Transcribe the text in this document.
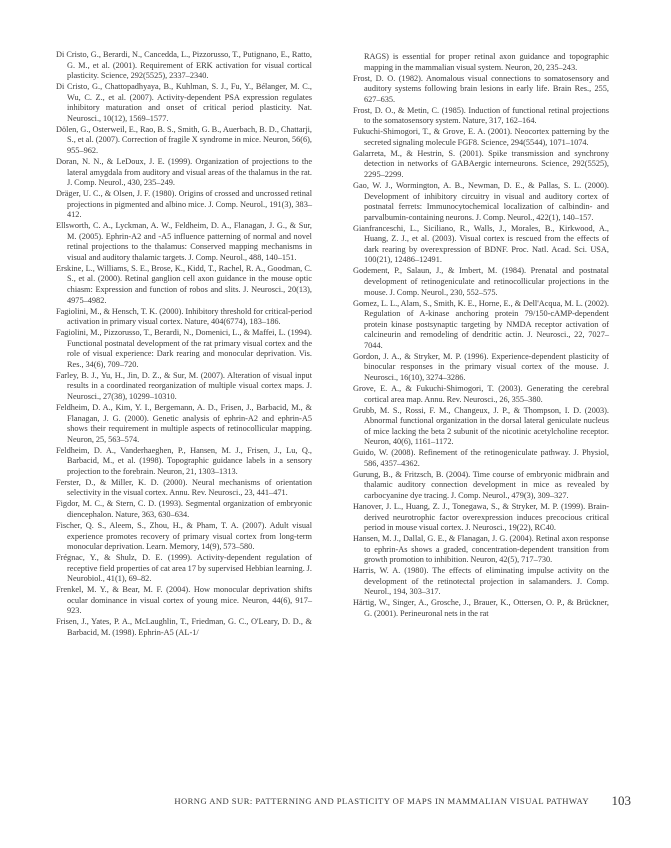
Di Cristo, G., Berardi, N., Cancedda, L., Pizzorusso, T., Putignano, E., Ratto, G. M., et al. (2001). Requirement of ERK activation for visual cortical plasticity. Science, 292(5525), 2337–2340.

Di Cristo, G., Chattopadhyaya, B., Kuhlman, S. J., Fu, Y., Bélanger, M. C., Wu, C. Z., et al. (2007). Activity-dependent PSA expression regulates inhibitory maturation and onset of critical period plasticity. Nat. Neurosci., 10(12), 1569–1577.

Dölen, G., Osterweil, E., Rao, B. S., Smith, G. B., Auerbach, B. D., Chattarji, S., et al. (2007). Correction of fragile X syndrome in mice. Neuron, 56(6), 955–962.

Doran, N. N., & LeDoux, J. E. (1999). Organization of projections to the lateral amygdala from auditory and visual areas of the thalamus in the rat. J. Comp. Neurol., 430, 235–249.

Dräger, U. C., & Olsen, J. F. (1980). Origins of crossed and uncrossed retinal projections in pigmented and albino mice. J. Comp. Neurol., 191(3), 383–412.

Ellsworth, C. A., Lyckman, A. W., Feldheim, D. A., Flanagan, J. G., & Sur, M. (2005). Ephrin-A2 and -A5 influence patterning of normal and novel retinal projections to the thalamus: Conserved mapping mechanisms in visual and auditory thalamic targets. J. Comp. Neurol., 488, 140–151.

Erskine, L., Williams, S. E., Brose, K., Kidd, T., Rachel, R. A., Goodman, C. S., et al. (2000). Retinal ganglion cell axon guidance in the mouse optic chiasm: Expression and function of robos and slits. J. Neurosci., 20(13), 4975–4982.

Fagiolini, M., & Hensch, T. K. (2000). Inhibitory threshold for critical-period activation in primary visual cortex. Nature, 404(6774), 183–186.

Fagiolini, M., Pizzorusso, T., Berardi, N., Domenici, L., & Maffei, L. (1994). Functional postnatal development of the rat primary visual cortex and the role of visual experience: Dark rearing and monocular deprivation. Vis. Res., 34(6), 709–720.

Farley, B. J., Yu, H., Jin, D. Z., & Sur, M. (2007). Alteration of visual input results in a coordinated reorganization of multiple visual cortex maps. J. Neurosci., 27(38), 10299–10310.

Feldheim, D. A., Kim, Y. I., Bergemann, A. D., Frisen, J., Barbacid, M., & Flanagan, J. G. (2000). Genetic analysis of ephrin-A2 and ephrin-A5 shows their requirement in multiple aspects of retinocollicular mapping. Neuron, 25, 563–574.

Feldheim, D. A., Vanderhaeghen, P., Hansen, M. J., Frisen, J., Lu, Q., Barbacid, M., et al. (1998). Topographic guidance labels in a sensory projection to the forebrain. Neuron, 21, 1303–1313.

Ferster, D., & Miller, K. D. (2000). Neural mechanisms of orientation selectivity in the visual cortex. Annu. Rev. Neurosci., 23, 441–471.

Figdor, M. C., & Stern, C. D. (1993). Segmental organization of embryonic diencephalon. Nature, 363, 630–634.

Fischer, Q. S., Aleem, S., Zhou, H., & Pham, T. A. (2007). Adult visual experience promotes recovery of primary visual cortex from long-term monocular deprivation. Learn. Memory, 14(9), 573–580.

Frégnac, Y., & Shulz, D. E. (1999). Activity-dependent regulation of receptive field properties of cat area 17 by supervised Hebbian learning. J. Neurobiol., 41(1), 69–82.

Frenkel, M. Y., & Bear, M. F. (2004). How monocular deprivation shifts ocular dominance in visual cortex of young mice. Neuron, 44(6), 917–923.

Frisen, J., Yates, P. A., McLaughlin, T., Friedman, G. C., O'Leary, D. D., & Barbacid, M. (1998). Ephrin-A5 (AL-1/

RAGS) is essential for proper retinal axon guidance and topographic mapping in the mammalian visual system. Neuron, 20, 235–243.

Frost, D. O. (1982). Anomalous visual connections to somatosensory and auditory systems following brain lesions in early life. Brain Res., 255, 627–635.

Frost, D. O., & Metin, C. (1985). Induction of functional retinal projections to the somatosensory system. Nature, 317, 162–164.

Fukuchi-Shimogori, T., & Grove, E. A. (2001). Neocortex patterning by the secreted signaling molecule FGF8. Science, 294(5544), 1071–1074.

Galarreta, M., & Hestrin, S. (2001). Spike transmission and synchrony detection in networks of GABAergic interneurons. Science, 292(5525), 2295–2299.

Gao, W. J., Wormington, A. B., Newman, D. E., & Pallas, S. L. (2000). Development of inhibitory circuitry in visual and auditory cortex of postnatal ferrets: Immunocytochemical localization of calbindin- and parvalbumin-containing neurons. J. Comp. Neurol., 422(1), 140–157.

Gianfranceschi, L., Siciliano, R., Walls, J., Morales, B., Kirkwood, A., Huang, Z. J., et al. (2003). Visual cortex is rescued from the effects of dark rearing by overexpression of BDNF. Proc. Natl. Acad. Sci. USA, 100(21), 12486–12491.

Godement, P., Salaun, J., & Imbert, M. (1984). Prenatal and postnatal development of retinogeniculate and retinocollicular projections in the mouse. J. Comp. Neurol., 230, 552–575.

Gomez, L. L., Alam, S., Smith, K. E., Horne, E., & Dell'Acqua, M. L. (2002). Regulation of A-kinase anchoring protein 79/150-cAMP-dependent protein kinase postsynaptic targeting by NMDA receptor activation of calcineurin and remodeling of dendritic actin. J. Neurosci., 22, 7027–7044.

Gordon, J. A., & Stryker, M. P. (1996). Experience-dependent plasticity of binocular responses in the primary visual cortex of the mouse. J. Neurosci., 16(10), 3274–3286.

Grove, E. A., & Fukuchi-Shimogori, T. (2003). Generating the cerebral cortical area map. Annu. Rev. Neurosci., 26, 355–380.

Grubb, M. S., Rossi, F. M., Changeux, J. P., & Thompson, I. D. (2003). Abnormal functional organization in the dorsal lateral geniculate nucleus of mice lacking the beta 2 subunit of the nicotinic acetylcholine receptor. Neuron, 40(6), 1161–1172.

Guido, W. (2008). Refinement of the retinogeniculate pathway. J. Physiol, 586, 4357–4362.

Gurung, B., & Fritzsch, B. (2004). Time course of embryonic midbrain and thalamic auditory connection development in mice as revealed by carbocyanine dye tracing. J. Comp. Neurol., 479(3), 309–327.

Hanover, J. L., Huang, Z. J., Tonegawa, S., & Stryker, M. P. (1999). Brain-derived neurotrophic factor overexpression induces precocious critical period in mouse visual cortex. J. Neurosci., 19(22), RC40.

Hansen, M. J., Dallal, G. E., & Flanagan, J. G. (2004). Retinal axon response to ephrin-As shows a graded, concentration-dependent transition from growth promotion to inhibition. Neuron, 42(5), 717–730.

Harris, W. A. (1980). The effects of eliminating impulse activity on the development of the retinotectal projection in salamanders. J. Comp. Neurol., 194, 303–317.

Härtig, W., Singer, A., Grosche, J., Brauer, K., Ottersen, O. P., & Brückner, G. (2001). Perineuronal nets in the rat

HORNG AND SUR: PATTERNING AND PLASTICITY OF MAPS IN MAMMALIAN VISUAL PATHWAY 103
